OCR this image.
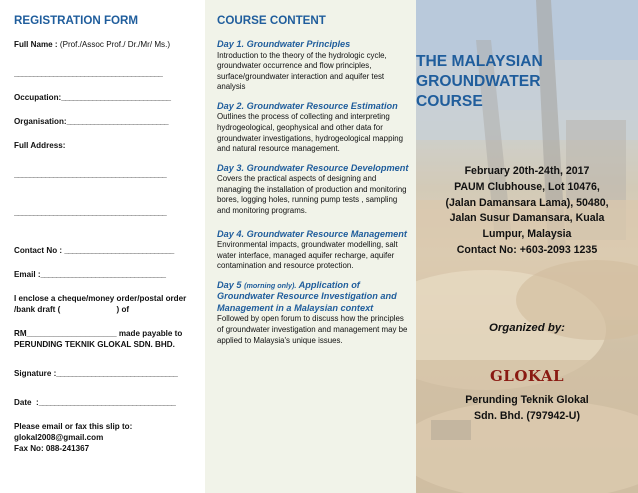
REGISTRATION FORM
Full Name : (Prof./Assoc Prof./ Dr./Mr/ Ms.)
______________________________________
Occupation:____________________________
Organisation:__________________________
Full Address:
_______________________________________
_______________________________________
Contact No : ____________________________
Email :________________________________
I enclose a cheque/money order/postal order
/bank draft (                         ) of
RM____________________ made payable to
PERUNDING TEKNIK GLOKAL SDN. BHD.
Signature :_______________________________
Date  :___________________________________
Please email or fax this slip to:
glokal2008@gmail.com
Fax No: 088-241367
COURSE CONTENT
Day 1. Groundwater Principles
Introduction to the theory of the hydrologic cycle, groundwater occurrence and flow principles, surface/groundwater interaction and aquifer test analysis
Day 2. Groundwater Resource Estimation
Outlines the process of collecting and interpreting hydrogeological, geophysical and other data for groundwater investigations, hydrogeological mapping and natural resource management.
Day 3. Groundwater Resource Development
Covers the practical aspects of designing and managing the installation of production and monitoring bores, logging holes, running pump tests , sampling and monitoring programs.
Day 4. Groundwater Resource Management
Environmental impacts, groundwater modelling, salt water interface, managed aquifer recharge, aquifer contamination and resource protection.
Day 5 (morning only). Application of Groundwater Resource Investigation and Management in a Malaysian context
Followed by open forum to discuss how the principles of groundwater investigation and management may be applied to Malaysia's unique issues.
THE MALAYSIAN
GROUNDWATER
COURSE
February 20th-24th, 2017
PAUM Clubhouse, Lot 10476,
(Jalan Damansara Lama), 50480,
Jalan Susur Damansara, Kuala
Lumpur, Malaysia
Contact No: +603-2093 1235
Organized by:
GLOKAL
Perunding Teknik Glokal
Sdn. Bhd. (797942-U)
